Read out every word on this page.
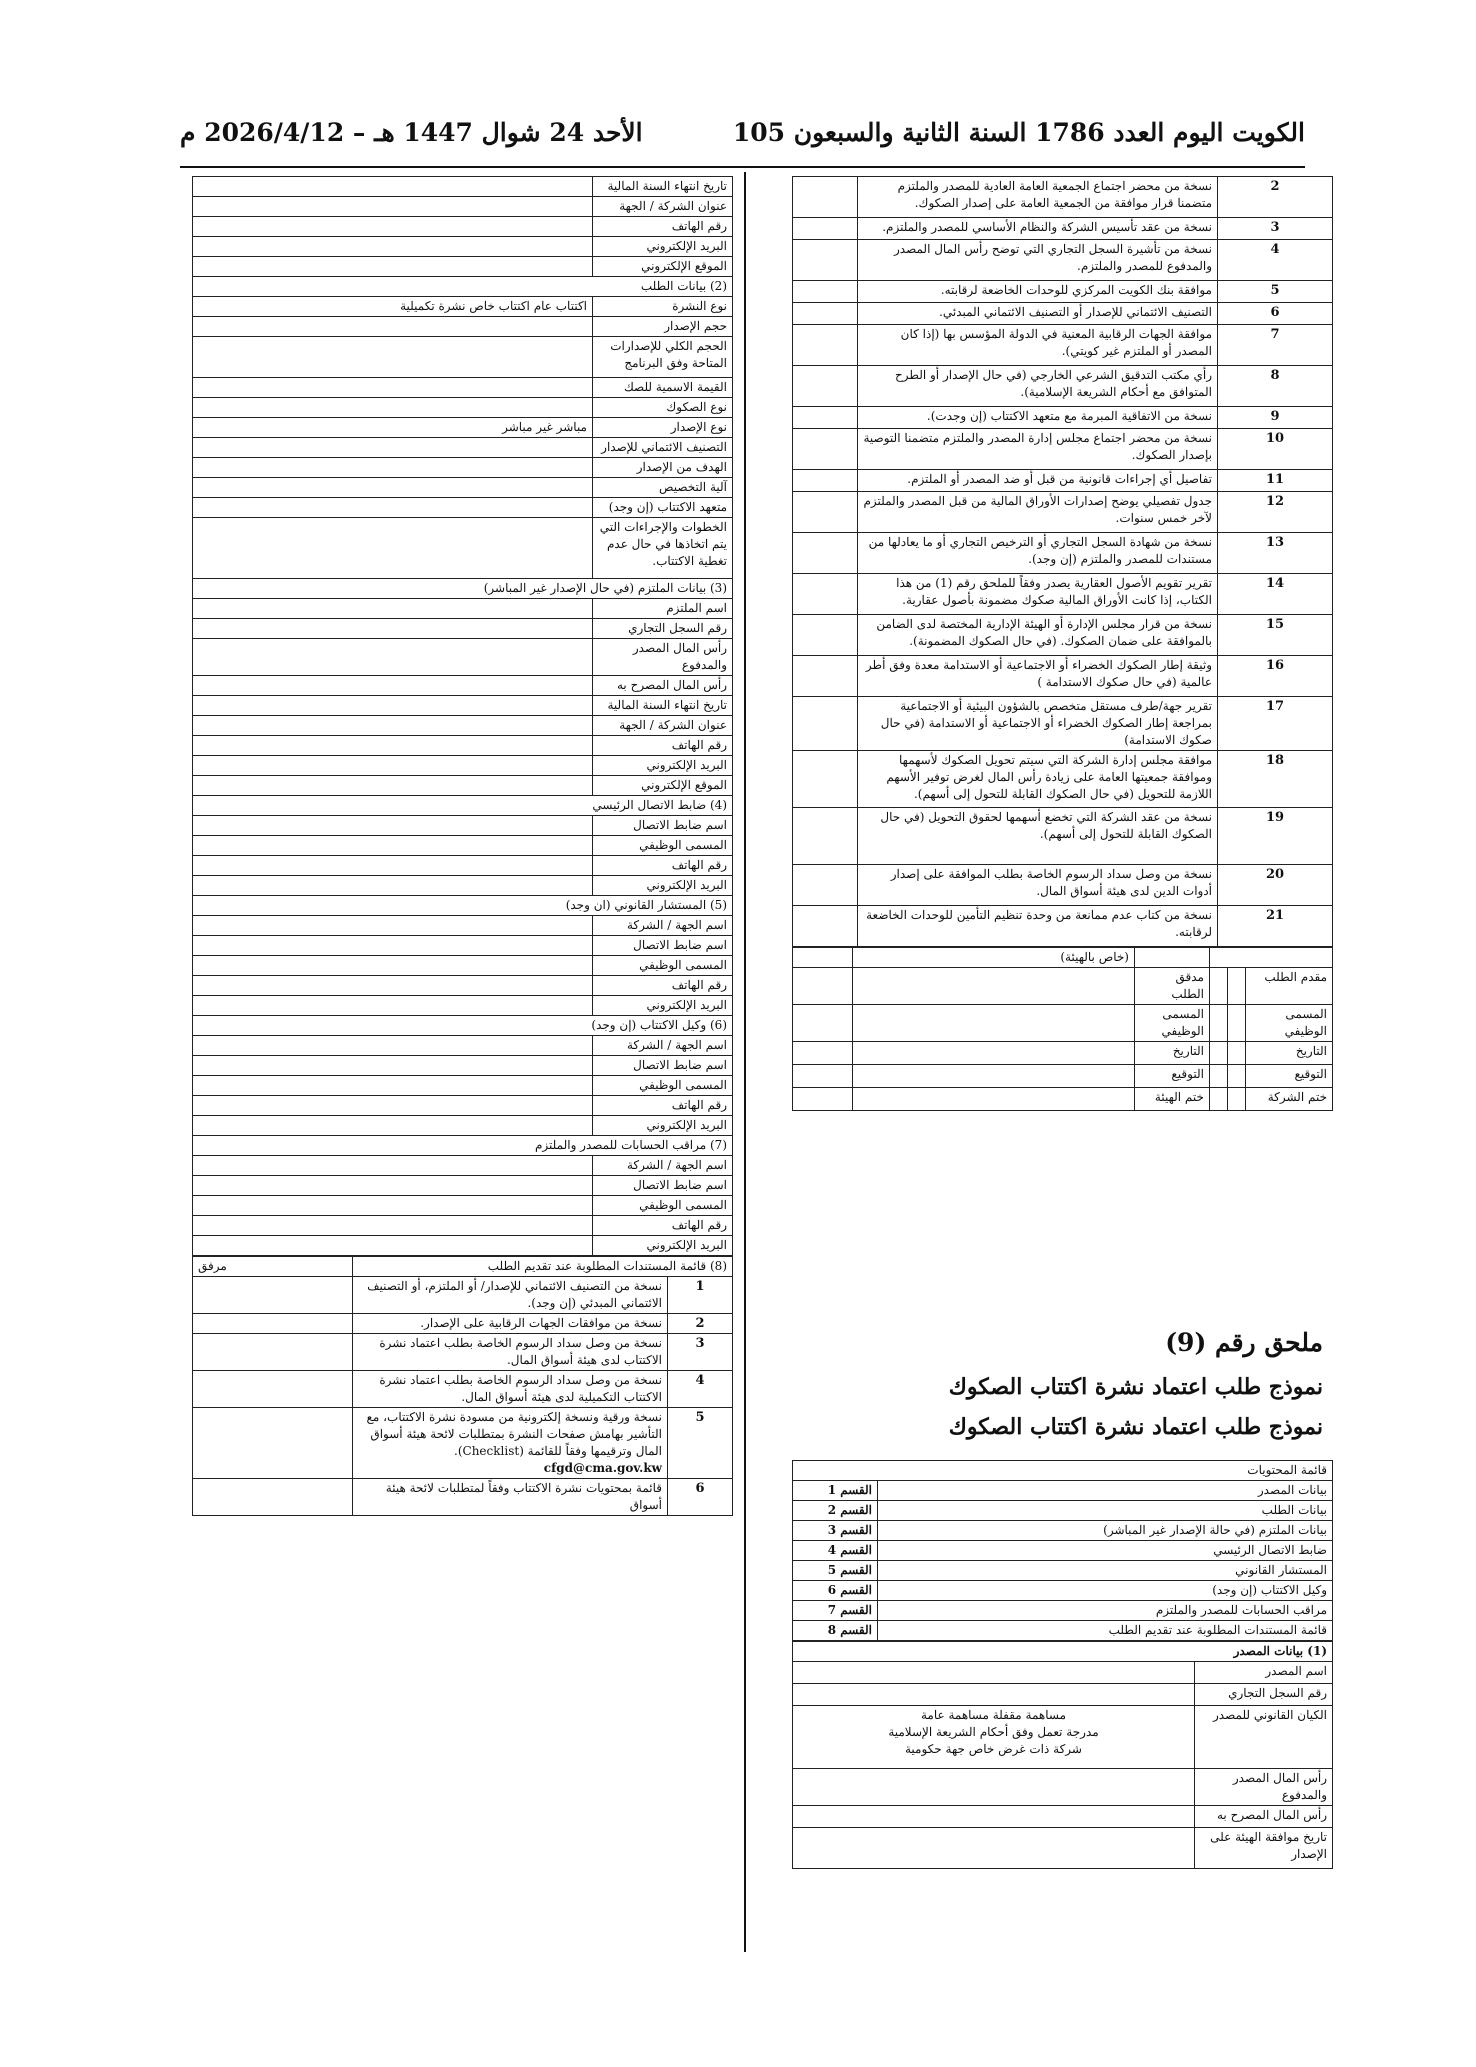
الكويت اليوم العدد 1786 السنة الثانية والسبعون
105
الأحد 24 شوال 1447 هـ – 2026/4/12 م
2	نسخة من محضر اجتماع الجمعية العامة العادية للمصدر والملتزم متضمنا قرار موافقة من الجمعية العامة على إصدار الصكوك.	
3	نسخة من عقد تأسيس الشركة والنظام الأساسي للمصدر والملتزم.	
4	نسخة من تأشيرة السجل التجاري التي توضح رأس المال المصدر والمدفوع للمصدر والملتزم.	
5	موافقة بنك الكويت المركزي للوحدات الخاضعة لرقابته.	
6	التصنيف الائتماني للإصدار أو التصنيف الائتماني المبدئي.	
7	موافقة الجهات الرقابية المعنية في الدولة المؤسس بها (إذا كان المصدر أو الملتزم غير كويتي).	
8	رأي مكتب التدقيق الشرعي الخارجي (في حال الإصدار أو الطرح المتوافق مع أحكام الشريعة الإسلامية).	
9	نسخة من الاتفاقية المبرمة مع متعهد الاكتتاب (إن وجدت).	
10	نسخة من محضر اجتماع مجلس إدارة المصدر والملتزم متضمنا التوصية بإصدار الصكوك.	
11	تفاصيل أي إجراءات قانونية من قبل أو ضد المصدر أو الملتزم.	
12	جدول تفصيلي يوضح إصدارات الأوراق المالية من قبل المصدر والملتزم لآخر خمس سنوات.	
13	نسخة من شهادة السجل التجاري أو الترخيص التجاري أو ما يعادلها من مستندات للمصدر والملتزم (إن وجد).	
14	تقرير تقويم الأصول العقارية يصدر وفقاً للملحق رقم (1) من هذا الكتاب، إذا كانت الأوراق المالية صكوك مضمونة بأصول عقارية.	
15	نسخة من قرار مجلس الإدارة أو الهيئة الإدارية المختصة لدى الضامن بالموافقة على ضمان الصكوك. (في حال الصكوك المضمونة).	
16	وثيقة إطار الصكوك الخضراء أو الاجتماعية أو الاستدامة معدة وفق أطر عالمية (في حال صكوك الاستدامة )	
17	تقرير جهة/طرف مستقل متخصص بالشؤون البيئية أو الاجتماعية بمراجعة إطار الصكوك الخضراء أو الاجتماعية أو الاستدامة (في حال صكوك الاستدامة)	
18	موافقة مجلس إدارة الشركة التي سيتم تحويل الصكوك لأسهمها وموافقة جمعيتها العامة على زيادة رأس المال لغرض توفير الأسهم اللازمة للتحويل (في حال الصكوك القابلة للتحول إلى أسهم).	
19	نسخة من عقد الشركة التي تخضع أسهمها لحقوق التحويل (في حال الصكوك القابلة للتحول إلى أسهم).	
20	نسخة من وصل سداد الرسوم الخاصة بطلب الموافقة على إصدار أدوات الدين لدى هيئة أسواق المال.	
21	نسخة من كتاب عدم ممانعة من وحدة تنظيم التأمين للوحدات الخاضعة لرقابته.	
				(خاص بالهيئة)	
مقدم الطلب			مدقق الطلب		
المسمى الوظيفي			المسمى الوظيفي		
التاريخ			التاريخ		
التوقيع			التوقيع		
ختم الشركة			ختم الهيئة		

ملحق رقم (9)

نموذج طلب اعتماد نشرة اكتتاب الصكوك

نموذج طلب اعتماد نشرة اكتتاب الصكوك

قائمة المحتويات	
بيانات المصدر	القسم 1
بيانات الطلب	القسم 2
بيانات الملتزم (في حالة الإصدار غير المباشر)	القسم 3
ضابط الاتصال الرئيسي	القسم 4
المستشار القانوني	القسم 5
وكيل الاكتتاب (إن وجد)	القسم 6
مراقب الحسابات للمصدر والملتزم	القسم 7
قائمة المستندات المطلوبة عند تقديم الطلب	القسم 8
(1) بيانات المصدر	
اسم المصدر	
رقم السجل التجاري	
الكيان القانوني للمصدر	مساهمة مقفلة مساهمة عامة
مدرجة تعمل وفق أحكام الشريعة الإسلامية
شركة ذات غرض خاص جهة حكومية
رأس المال المصدر والمدفوع	
رأس المال المصرح به	
تاريخ موافقة الهيئة على الإصدار	
تاريخ انتهاء السنة المالية	
عنوان الشركة / الجهة	
رقم الهاتف	
البريد الإلكتروني	
الموقع الإلكتروني	
(2) بيانات الطلب	
نوع النشرة	اكتتاب عام اكتتاب خاص نشرة تكميلية
حجم الإصدار	
الحجم الكلي للإصدارات المتاحة وفق البرنامج	
القيمة الاسمية للصك	
نوع الصكوك	
نوع الإصدار	مباشر غير مباشر
التصنيف الائتماني للإصدار	
الهدف من الإصدار	
آلية التخصيص	
متعهد الاكتتاب (إن وجد)	
الخطوات والإجراءات التي يتم اتخاذها في حال عدم تغطية الاكتتاب.	
(3) بيانات الملتزم (في حال الإصدار غير المباشر)	
اسم الملتزم	
رقم السجل التجاري	
رأس المال المصدر والمدفوع	
رأس المال المصرح به	
تاريخ انتهاء السنة المالية	
عنوان الشركة / الجهة	
رقم الهاتف	
البريد الإلكتروني	
الموقع الإلكتروني	
(4) ضابط الاتصال الرئيسي	
اسم ضابط الاتصال	
المسمى الوظيفي	
رقم الهاتف	
البريد الإلكتروني	
(5) المستشار القانوني (ان وجد)	
اسم الجهة / الشركة	
اسم ضابط الاتصال	
المسمى الوظيفي	
رقم الهاتف	
البريد الإلكتروني	
(6) وكيل الاكتتاب (إن وجد)	
اسم الجهة / الشركة	
اسم ضابط الاتصال	
المسمى الوظيفي	
رقم الهاتف	
البريد الإلكتروني	
(7) مراقب الحسابات للمصدر والملتزم	
اسم الجهة / الشركة	
اسم ضابط الاتصال	
المسمى الوظيفي	
رقم الهاتف	
البريد الإلكتروني	
(8) قائمة المستندات المطلوبة عند تقديم الطلب		مرفق
1	نسخة من التصنيف الائتماني للإصدار/ أو الملتزم، أو التصنيف الائتماني المبدئي (إن وجد).	
2	نسخة من موافقات الجهات الرقابية على الإصدار.	
3	نسخة من وصل سداد الرسوم الخاصة بطلب اعتماد نشرة الاكتتاب لدى هيئة أسواق المال.	
4	نسخة من وصل سداد الرسوم الخاصة بطلب اعتماد نشرة الاكتتاب التكميلية لدى هيئة أسواق المال.	
5	نسخة ورقية ونسخة إلكترونية من مسودة نشرة الاكتتاب، مع التأشير بهامش صفحات النشرة بمتطلبات لائحة هيئة أسواق المال وترقيمها وفقاً للقائمة (Checklist).
cfgd@cma.gov.kw	
6	قائمة بمحتويات نشرة الاكتتاب وفقاً لمتطلبات لائحة هيئة أسواق	
